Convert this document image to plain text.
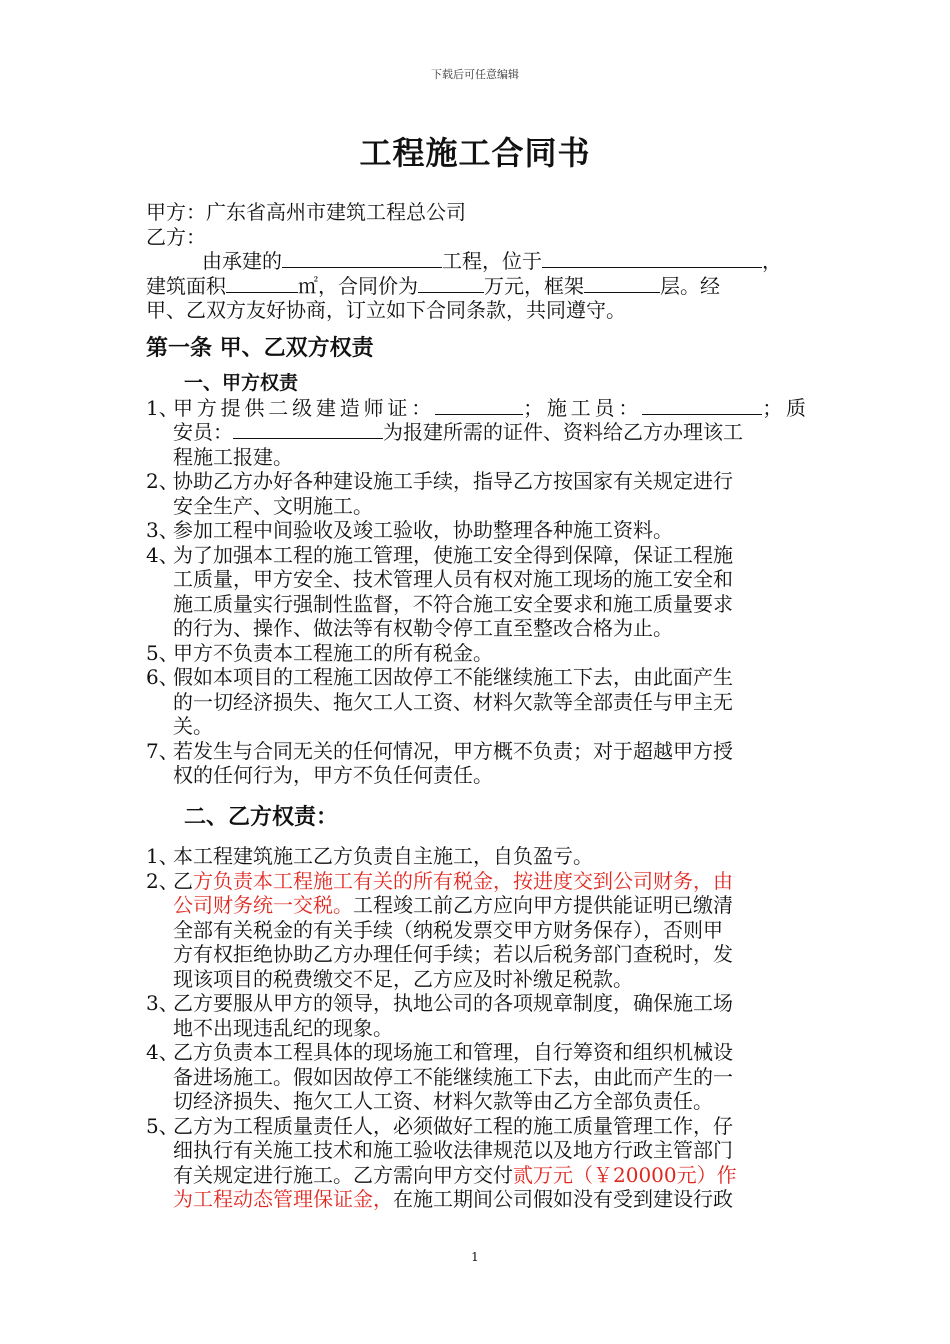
下载后可任意编辑
工程施工合同书
甲方：广东省高州市建筑工程总公司
乙方：
由承建的	工程，位于	，
建筑面积	㎡，合同价为	万元，框架	层。经
甲、乙双方友好协商，订立如下合同条款，共同遵守。
第一条 甲、乙双方权责
一、甲方权责
1、
甲方提供二级建造师证：	；施工员：	；质
安员：	为报建所需的证件、资料给乙方办理该工
程施工报建。
2、
协助乙方办好各种建设施工手续，指导乙方按国家有关规定进行
安全生产、文明施工。
3、
参加工程中间验收及竣工验收，协助整理各种施工资料。
4、
为了加强本工程的施工管理，使施工安全得到保障，保证工程施
工质量，甲方安全、技术管理人员有权对施工现场的施工安全和
施工质量实行强制性监督，不符合施工安全要求和施工质量要求
的行为、操作、做法等有权勒令停工直至整改合格为止。
5、
甲方不负责本工程施工的所有税金。
6、
假如本项目的工程施工因故停工不能继续施工下去，由此面产生
的一切经济损失、拖欠工人工资、材料欠款等全部责任与甲主无
关。
7、
若发生与合同无关的任何情况，甲方概不负责；对于超越甲方授
权的任何行为，甲方不负任何责任。
二、乙方权责：
1、
本工程建筑施工乙方负责自主施工，自负盈亏。
2、
乙方负责本工程施工有关的所有税金，按进度交到公司财务，由
公司财务统一交税。工程竣工前乙方应向甲方提供能证明已缴清
全部有关税金的有关手续（纳税发票交甲方财务保存），否则甲
方有权拒绝协助乙方办理任何手续；若以后税务部门查税时，发
现该项目的税费缴交不足，乙方应及时补缴足税款。
3、
乙方要服从甲方的领导，执地公司的各项规章制度，确保施工场
地不出现违乱纪的现象。
4、
乙方负责本工程具体的现场施工和管理，自行筹资和组织机械设
备进场施工。假如因故停工不能继续施工下去，由此而产生的一
切经济损失、拖欠工人工资、材料欠款等由乙方全部负责任。
5、
乙方为工程质量责任人，必须做好工程的施工质量管理工作，仔
细执行有关施工技术和施工验收法律规范以及地方行政主管部门
有关规定进行施工。乙方需向甲方交付贰万元（￥20000元）作
为工程动态管理保证金，在施工期间公司假如没有受到建设行政
1
